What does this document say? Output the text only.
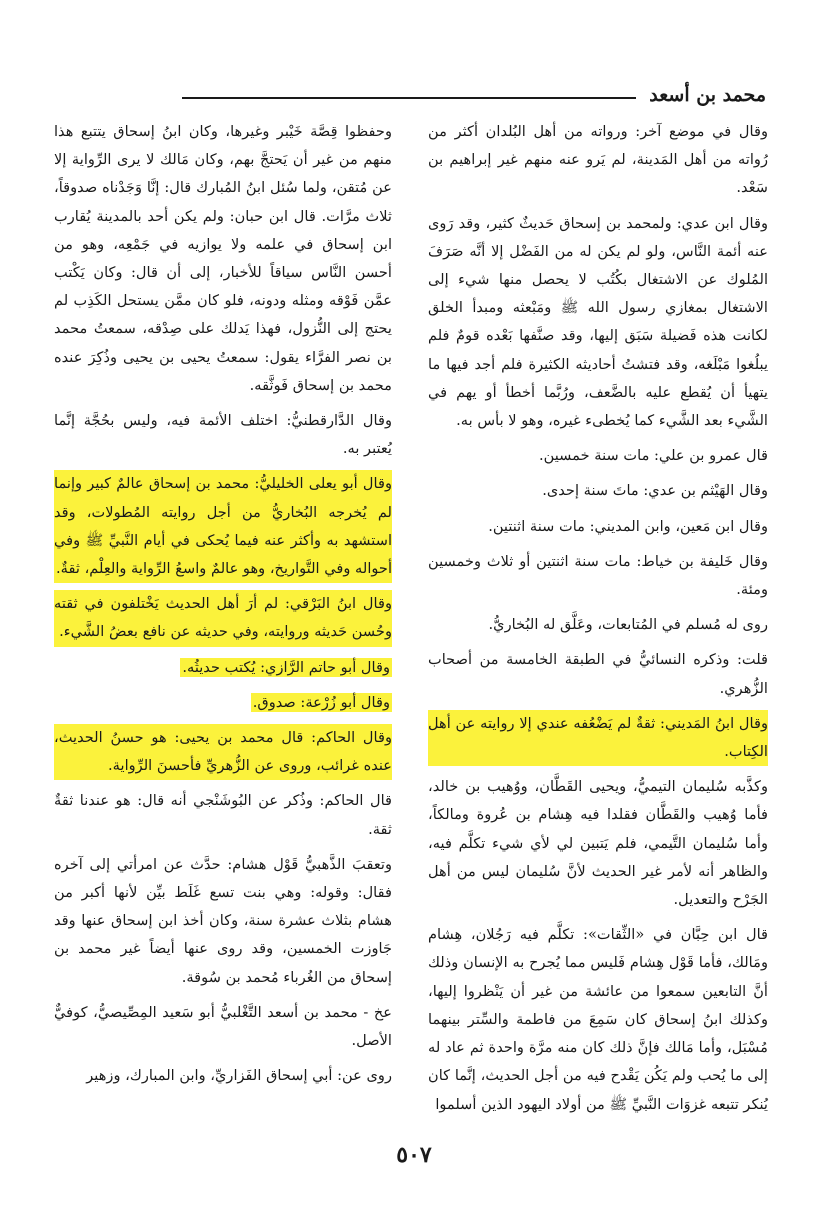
محمد بن أسعد

وقال في موضع آخر: ورواته من أهل البُلدان أكثر من رُواته من أهل المَدينة، لم يَرو عنه منهم غير إبراهيم بن سَعْد.

وقال ابن عدي: ولمحمد بن إسحاق حَديثٌ كثير، وقد رَوى عنه أئمة النَّاس، ولو لم يكن له من الفَضْل إلا أنَّه صَرَفَ المُلوك عن الاشتغال بكُتُب لا يحصل منها شيء إلى الاشتغال بمغازي رسول الله ﷺ ومَبْعثه ومبدأ الخلق لكانت هذه فَضيلة سَبَق إليها، وقد صنَّفها بَعْده قومٌ فلم يبلُغوا مَبْلَغه، وقد فتشتُ أحاديثه الكثيرة فلم أجد فيها ما يتهيأ أن يُقطع عليه بالضَّعف، ورُبَّما أخطأ أو يهم في الشَّيء بعد الشَّيء كما يُخطىء غيره، وهو لا بأس به.

قال عمرو بن علي: مات سنة خمسين.

وقال الهَيْثم بن عدي: ماتَ سنة إحدى.

وقال ابن مَعين، وابن المديني: مات سنة اثنتين.

وقال خَليفة بن خياط: مات سنة اثنتين أو ثلاث وخمسين ومئة.

روى له مُسلم في المُتابعات، وعَلَّق له البُخاريُّ.

قلت: وذكره النسائيُّ في الطبقة الخامسة من أصحاب الزُّهري.

وقال ابنُ المَديني: ثقةٌ لم يَضْعُفه عندي إلا روايته عن أهل الكِتاب.

وكذَّبه سُليمان التيميُّ، ويحيى القَطَّان، ووُهيب بن خالد، فأما وُهيب والقَطَّان فقلدا فيه هِشام بن عُروة ومالكاً، وأما سُليمان التَّيمي، فلم يَتبين لي لأي شيء تكلَّم فيه، والظاهر أنه لأمر غير الحديث لأنَّ سُليمان ليس من أهل الجَرْح والتعديل.

قال ابن حِبَّان في «الثِّقات»: تكلَّم فيه رَجُلان، هِشام ومَالك، فأما قَوْل هِشام فَليس مما يُجرح به الإنسان وذلك أنَّ التابعين سمعوا من عائشة من غير أن يَنْظروا إليها، وكذلك ابنُ إسحاق كان سَمِعَ من فاطمة والسِّتر بينهما مُسْبَل، وأما مَالك فإنَّ ذلك كان منه مرَّة واحدة ثم عاد له إلى ما يُحب ولم يَكُن يَقْدح فيه من أجل الحديث، إنَّما كان يُنكر تتبعه غزوَات النَّبيِّ ﷺ من أولاد اليهود الذين أسلموا

وحفظوا قِصَّة خَيْبر وغيرها، وكان ابنُ إسحاق يتتبع هذا منهم من غير أن يَحتجَّ بهم، وكان مَالك لا يرى الرِّواية إلا عن مُتقن، ولما سُئل ابنُ المُبارك قال: إنَّا وَجَدْناه صدوقاً، ثلاث مرَّات. قال ابن حبان: ولم يكن أحد بالمدينة يُقارب ابن إسحاق في علمه ولا يوازيه في جَمْعِه، وهو من أحسن النَّاس سياقاً للأخبار، إلى أن قال: وكان يَكْتب عمَّن فَوْقه ومثله ودونه، فلو كان ممَّن يستحل الكَذِب لم يحتج إلى النُّزول، فهذا يَدلك على صِدْقه، سمعتُ محمد بن نصر الفرَّاء يقول: سمعتُ يحيى بن يحيى وذُكِرَ عنده محمد بن إسحاق فَوثَّقه.

وقال الدَّارقطنيُّ: اختلف الأئمة فيه، وليس بحُجَّة إنَّما يُعتبر به.

وقال أبو يعلى الخليليُّ: محمد بن إسحاق عالمٌ كبير وإنما لم يُخرجه البُخاريُّ من أجل روايته المُطولات، وقد استشهد به وأكثر عنه فيما يُحكى في أيام النَّبيِّ ﷺ وفي أحواله وفي التَّواريخ، وهو عالمٌ واسعُ الرِّواية والعِلْم، ثقةٌ.

وقال ابنُ البَرْقي: لم أرَ أهل الحديث يَخْتلفون في ثقته وحُسن حَديثه وروايته، وفي حديثه عن نافع بعضُ الشَّيء.

وقال أبو حاتم الرَّازي: يُكتب حديثُه.

وقال أبو زُرْعة: صدوق.

وقال الحاكم: قال محمد بن يحيى: هو حسنُ الحديث، عنده غرائب، وروى عن الزُّهريِّ فأحسنَ الرِّواية.

قال الحاكم: وذُكر عن البُوشَنْجي أنه قال: هو عندنا ثقةٌ ثقة.

وتعقبَ الذَّهبيُّ قَوْل هشام: حدَّث عن امرأتي إلى آخره فقال: وقوله: وهي بنت تسع غَلَط بيِّن لأنها أكبر من هشام بثلاث عشرة سنة، وكان أخذ ابن إسحاق عنها وقد جَاوزت الخمسين، وقد روى عنها أيضاً غير محمد بن إسحاق من الغُرباء مُحمد بن سُوقة.

عخ - محمد بن أسعد التَّغْلبيُّ أبو سَعيد المِصِّيصيُّ، كوفيٌّ الأصل.

روى عن: أبي إسحاق الفَزاريِّ، وابن المبارك، وزهير

٥٠٧
